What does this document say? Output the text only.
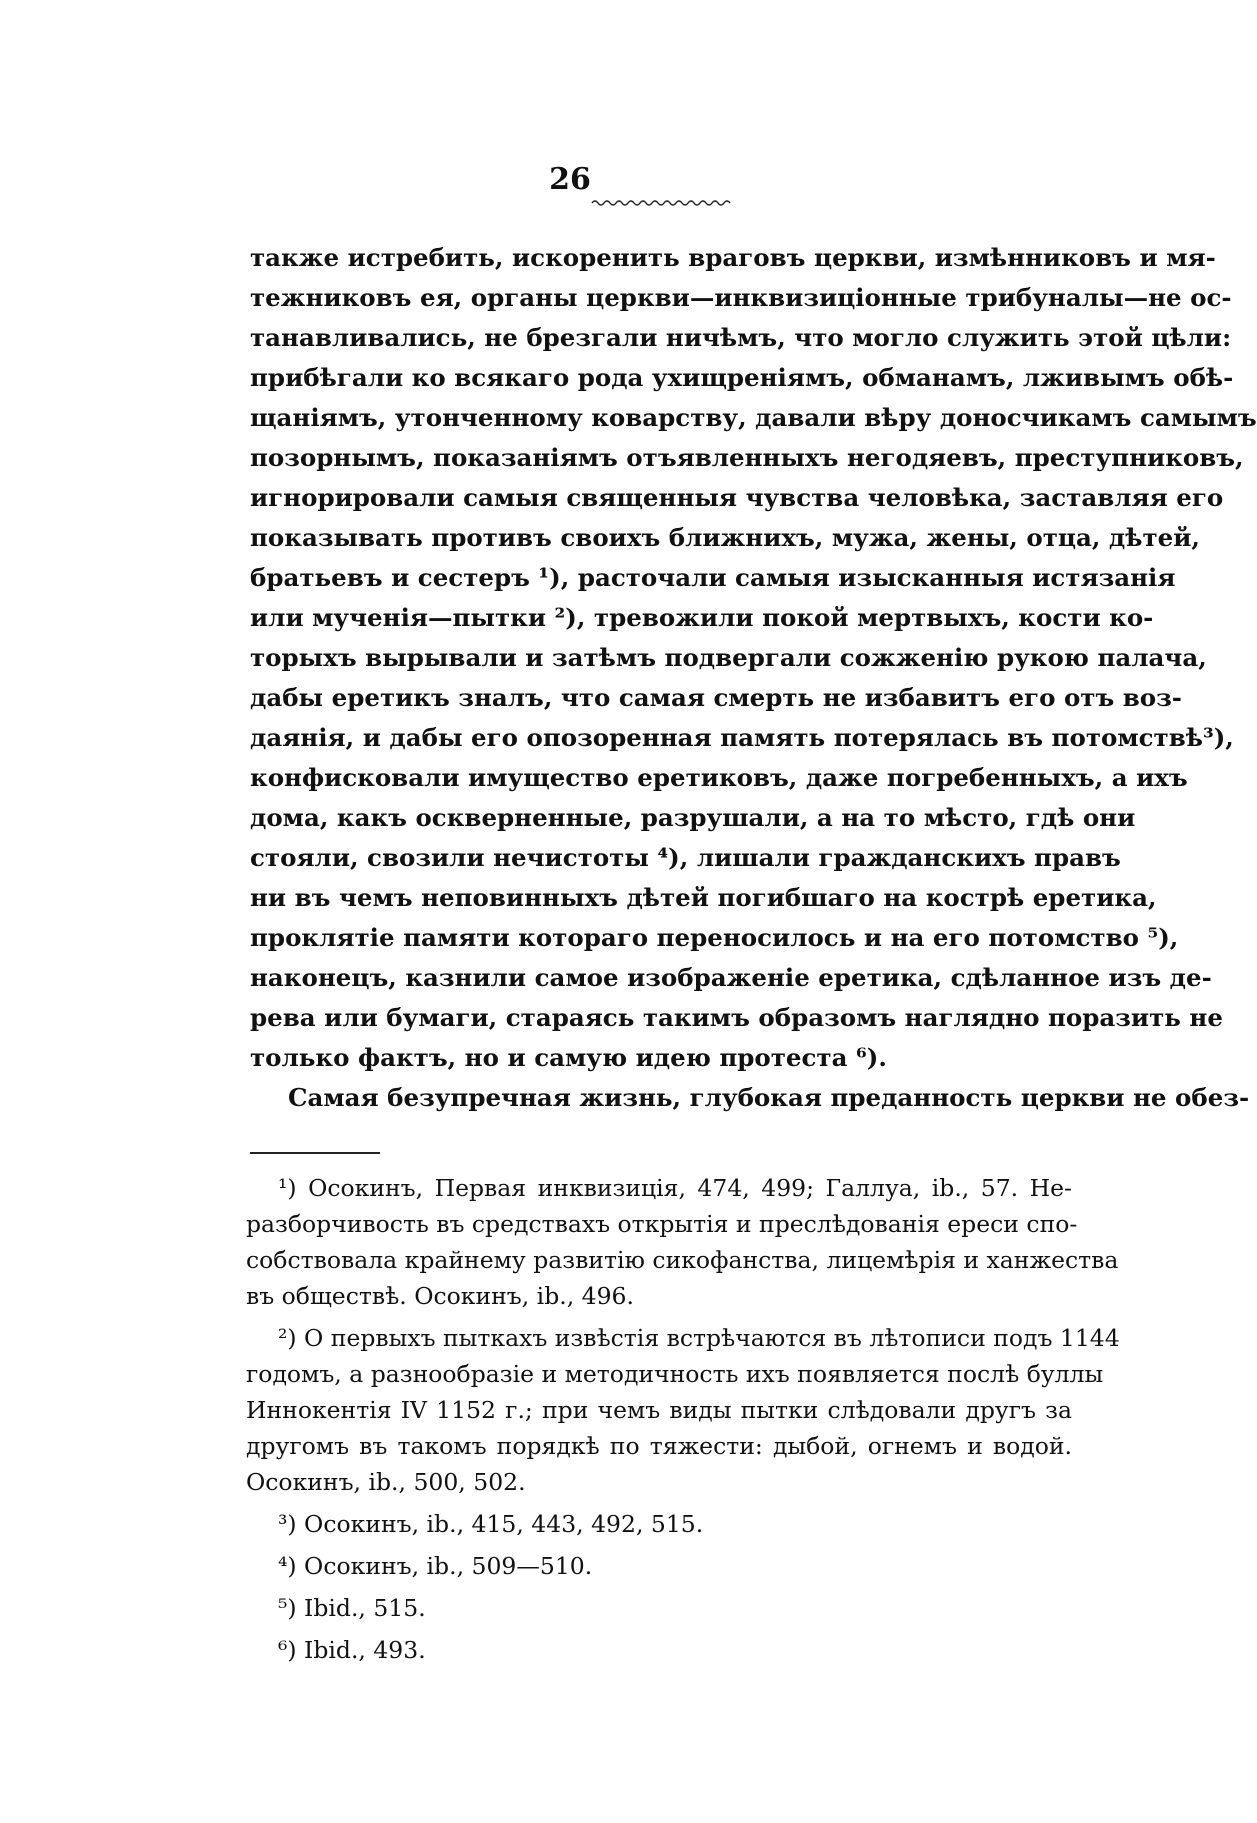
26

также истребить, искоренить враговъ церкви, измѣнниковъ и мя-

тежниковъ ея, органы церкви—инквизиціонные трибуналы—не ос-

танавливались, не брезгали ничѣмъ, что могло служить этой цѣли:

прибѣгали ко всякаго рода ухищреніямъ, обманамъ, лживымъ обѣ-

щаніямъ, утонченному коварству, давали вѣру доносчикамъ самымъ

позорнымъ, показаніямъ отъявленныхъ негодяевъ, преступниковъ,

игнорировали самыя священныя чувства человѣка, заставляя его

показывать противъ своихъ ближнихъ, мужа, жены, отца, дѣтей,

братьевъ и сестеръ ¹), расточали самыя изысканныя истязанія

или мученія—пытки ²), тревожили покой мертвыхъ, кости ко-

торыхъ вырывали и затѣмъ подвергали сожженію рукою палача,

дабы еретикъ зналъ, что самая смерть не избавитъ его отъ воз-

даянія, и дабы его опозоренная память потерялась въ потомствѣ³),

конфисковали имущество еретиковъ, даже погребенныхъ, а ихъ

дома, какъ оскверненные, разрушали, а на то мѣсто, гдѣ они

стояли, свозили нечистоты ⁴), лишали гражданскихъ правъ

ни въ чемъ неповинныхъ дѣтей погибшаго на кострѣ еретика,

проклятіе памяти котораго переносилось и на его потомство ⁵),

наконецъ, казнили самое изображеніе еретика, сдѣланное изъ де-

рева или бумаги, стараясь такимъ образомъ наглядно поразить не

только фактъ, но и самую идею протеста ⁶).

Самая безупречная жизнь, глубокая преданность церкви не обез-

¹) Осокинъ, Первая инквизиція, 474, 499; Галлуа, ib., 57. Не-

разборчивость въ средствахъ открытія и преслѣдованія ереси спо-

собствовала крайнему развитію сикофанства, лицемѣрія и ханжества

въ обществѣ. Осокинъ, ib., 496.

²) О первыхъ пыткахъ извѣстія встрѣчаются въ лѣтописи подъ 1144

годомъ, а разнообразіе и методичность ихъ появляется послѣ буллы

Иннокентія IV 1152 г.; при чемъ виды пытки слѣдовали другъ за

другомъ въ такомъ порядкѣ по тяжести: дыбой, огнемъ и водой.

Осокинъ, ib., 500, 502.

³) Осокинъ, ib., 415, 443, 492, 515.

⁴) Осокинъ, ib., 509—510.

⁵) Ibid., 515.

⁶) Ibid., 493.
